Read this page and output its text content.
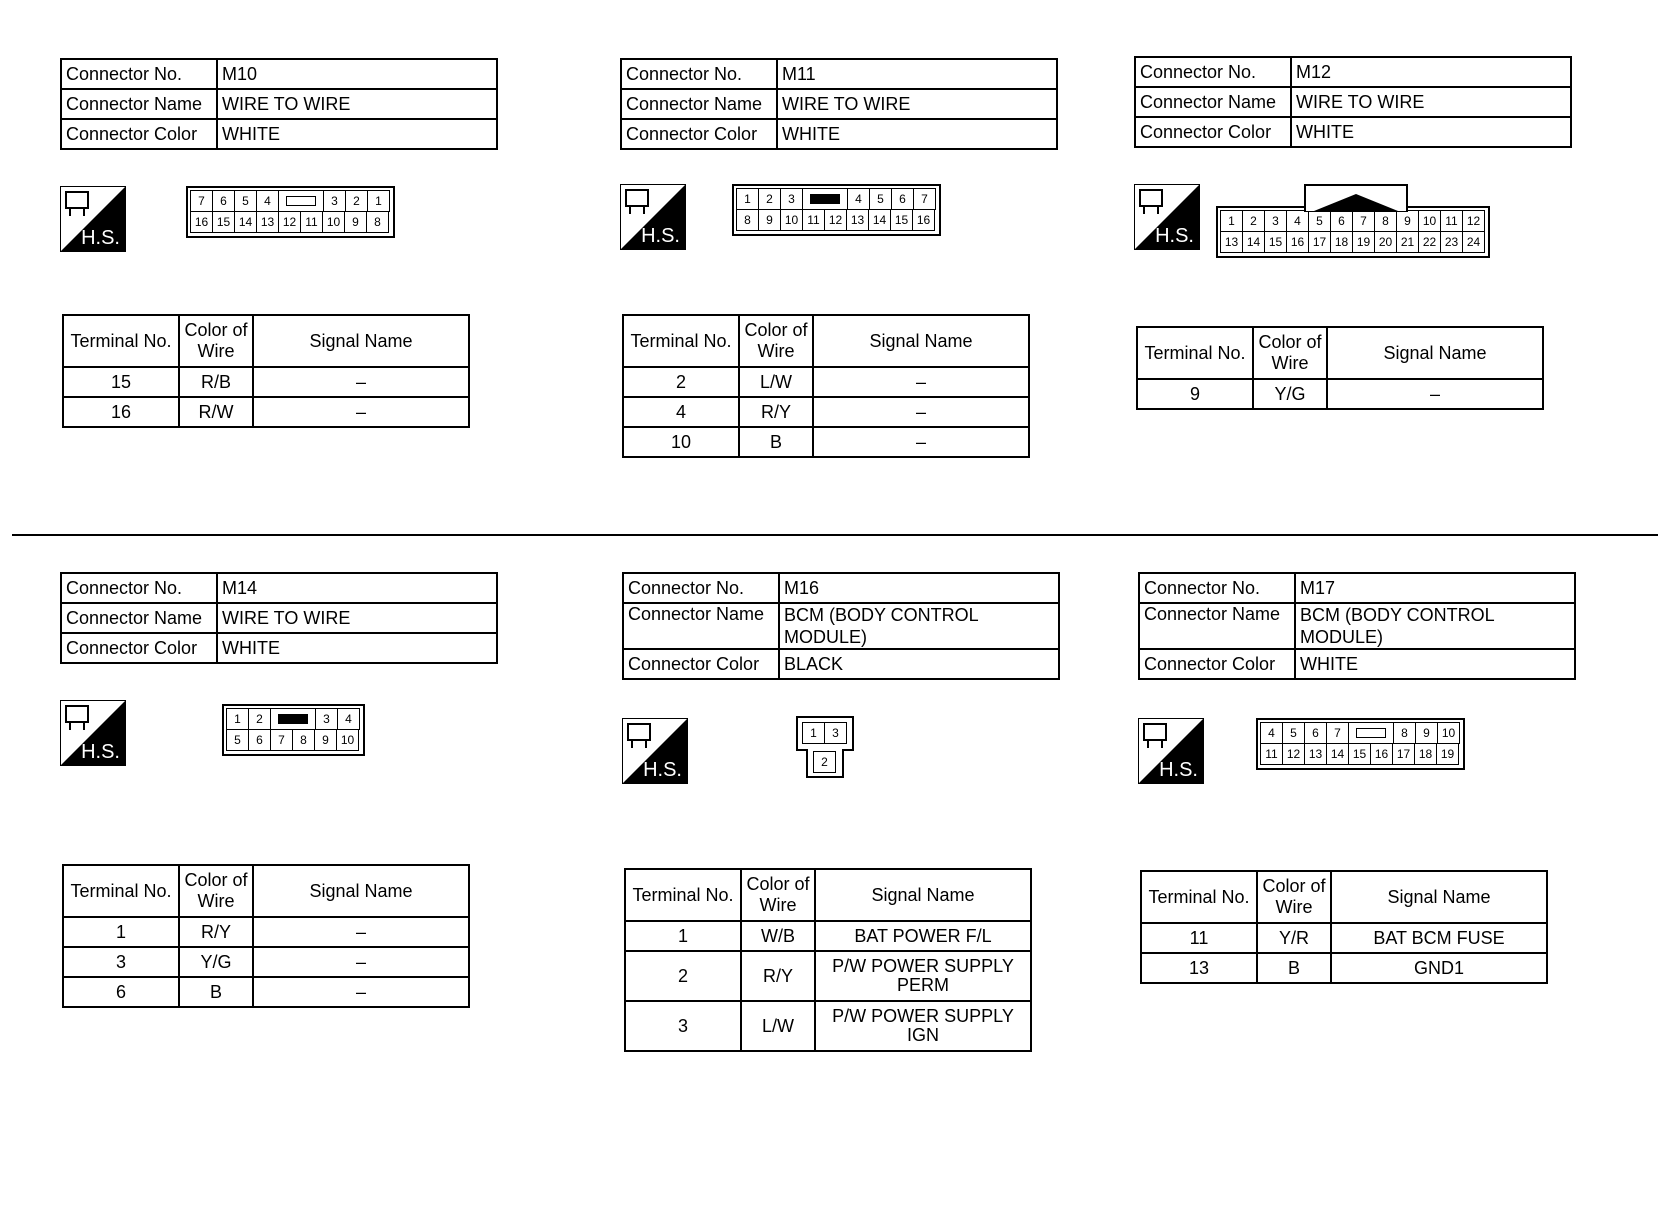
Connector No.	M10
Connector Name	WIRE TO WIRE
Connector Color	WHITE
H.S.
7	6	5	4	3	2	1
16 15 14 13 12 11 10 9	8
Terminal No.	Color of Wire	Signal Name
15	R/B	–
16	R/W	–
Connector No.	M11
Connector Name	WIRE TO WIRE
Connector Color	WHITE
H.S.
1	2	3	4	5	6	7
8	9 10 11 12 13 14 15 16
Terminal No.	Color of Wire	Signal Name
2	L/W	–
4	R/Y	–
10	B	–
Connector No.	M12
Connector Name	WIRE TO WIRE
Connector Color	WHITE
H.S.
1	2	3	4	5	6	7	8	9 10 11 12
13 14 15 16 17 18 19 20 21 22 23 24
Terminal No.	Color of Wire	Signal Name
9	Y/G	–
Connector No.	M14
Connector Name	WIRE TO WIRE
Connector Color	WHITE
H.S.
1	2	3	4
5	6	7	8	9 10
Terminal No.	Color of Wire	Signal Name
1	R/Y	–
3	Y/G	–
6	B	–
Connector No.	M16
Connector Name	BCM (BODY CONTROL MODULE)
Connector Color	BLACK
H.S.
1	3

2
Terminal No.	Color of Wire	Signal Name
1	W/B	BAT POWER F/L
2	R/Y	P/W POWER SUPPLY PERM
3	L/W	P/W POWER SUPPLY IGN
Connector No.	M17
Connector Name	BCM (BODY CONTROL MODULE)
Connector Color	WHITE
H.S.
4	5	6	7	8	9 10
11 12 13 14 15 16 17 18 19
Terminal No.	Color of Wire	Signal Name
11	Y/R	BAT BCM FUSE
13	B	GND1
